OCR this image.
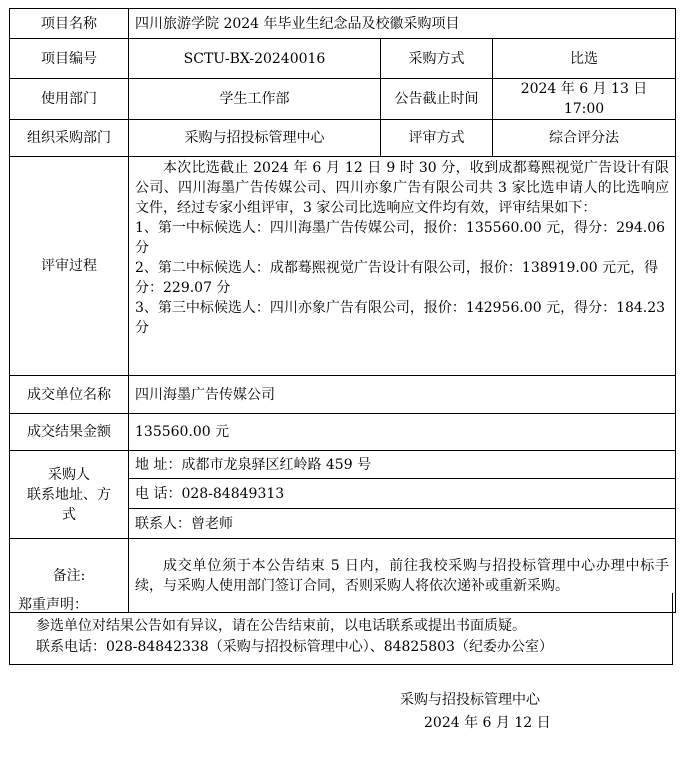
项目名称	四川旅游学院 2024 年毕业生纪念品及校徽采购项目		
项目编号	SCTU-BX-20240016	采购方式	比选
使用部门	学生工作部	公告截止时间	2024 年 6 月 13 日 17:00
组织采购部门	采购与招投标管理中心	评审方式	综合评分法
评审过程	本次比选截止 2024 年 6 月 12 日 9 时 30 分，收到成都蓦熙视觉广告设计有限公司、四川海墨广告传媒公司、四川亦象广告有限公司共 3 家比选申请人的比选响应文件，经过专家小组评审，3 家公司比选响应文件均有效，评审结果如下：
1、第一中标候选人：四川海墨广告传媒公司，报价：135560.00 元，得分：294.06 分
2、第二中标候选人：成都蓦熙视觉广告设计有限公司，报价：138919.00 元元，得分：229.07 分
3、第三中标候选人：四川亦象广告有限公司，报价：142956.00 元，得分：184.23 分		

成交单位名称	四川海墨广告传媒公司		
成交结果金额	135560.00 元		

采购人
联系地址、方
式	地 址：成都市龙泉驿区红岭路 459 号		
	电 话：028-84849313		
	联系人：曾老师		
备注:	成交单位须于本公告结束 5 日内，前往我校采购与招投标管理中心办理中标手续，与采购人使用部门签订合同，否则采购人将依次递补或重新采购。		
郑重声明：
参选单位对结果公告如有异议，请在公告结束前，以电话联系或提出书面质疑。
联系电话：028-84842338（采购与招投标管理中心）、84825803（纪委办公室）
采购与招投标管理中心
2024 年 6 月 12 日
